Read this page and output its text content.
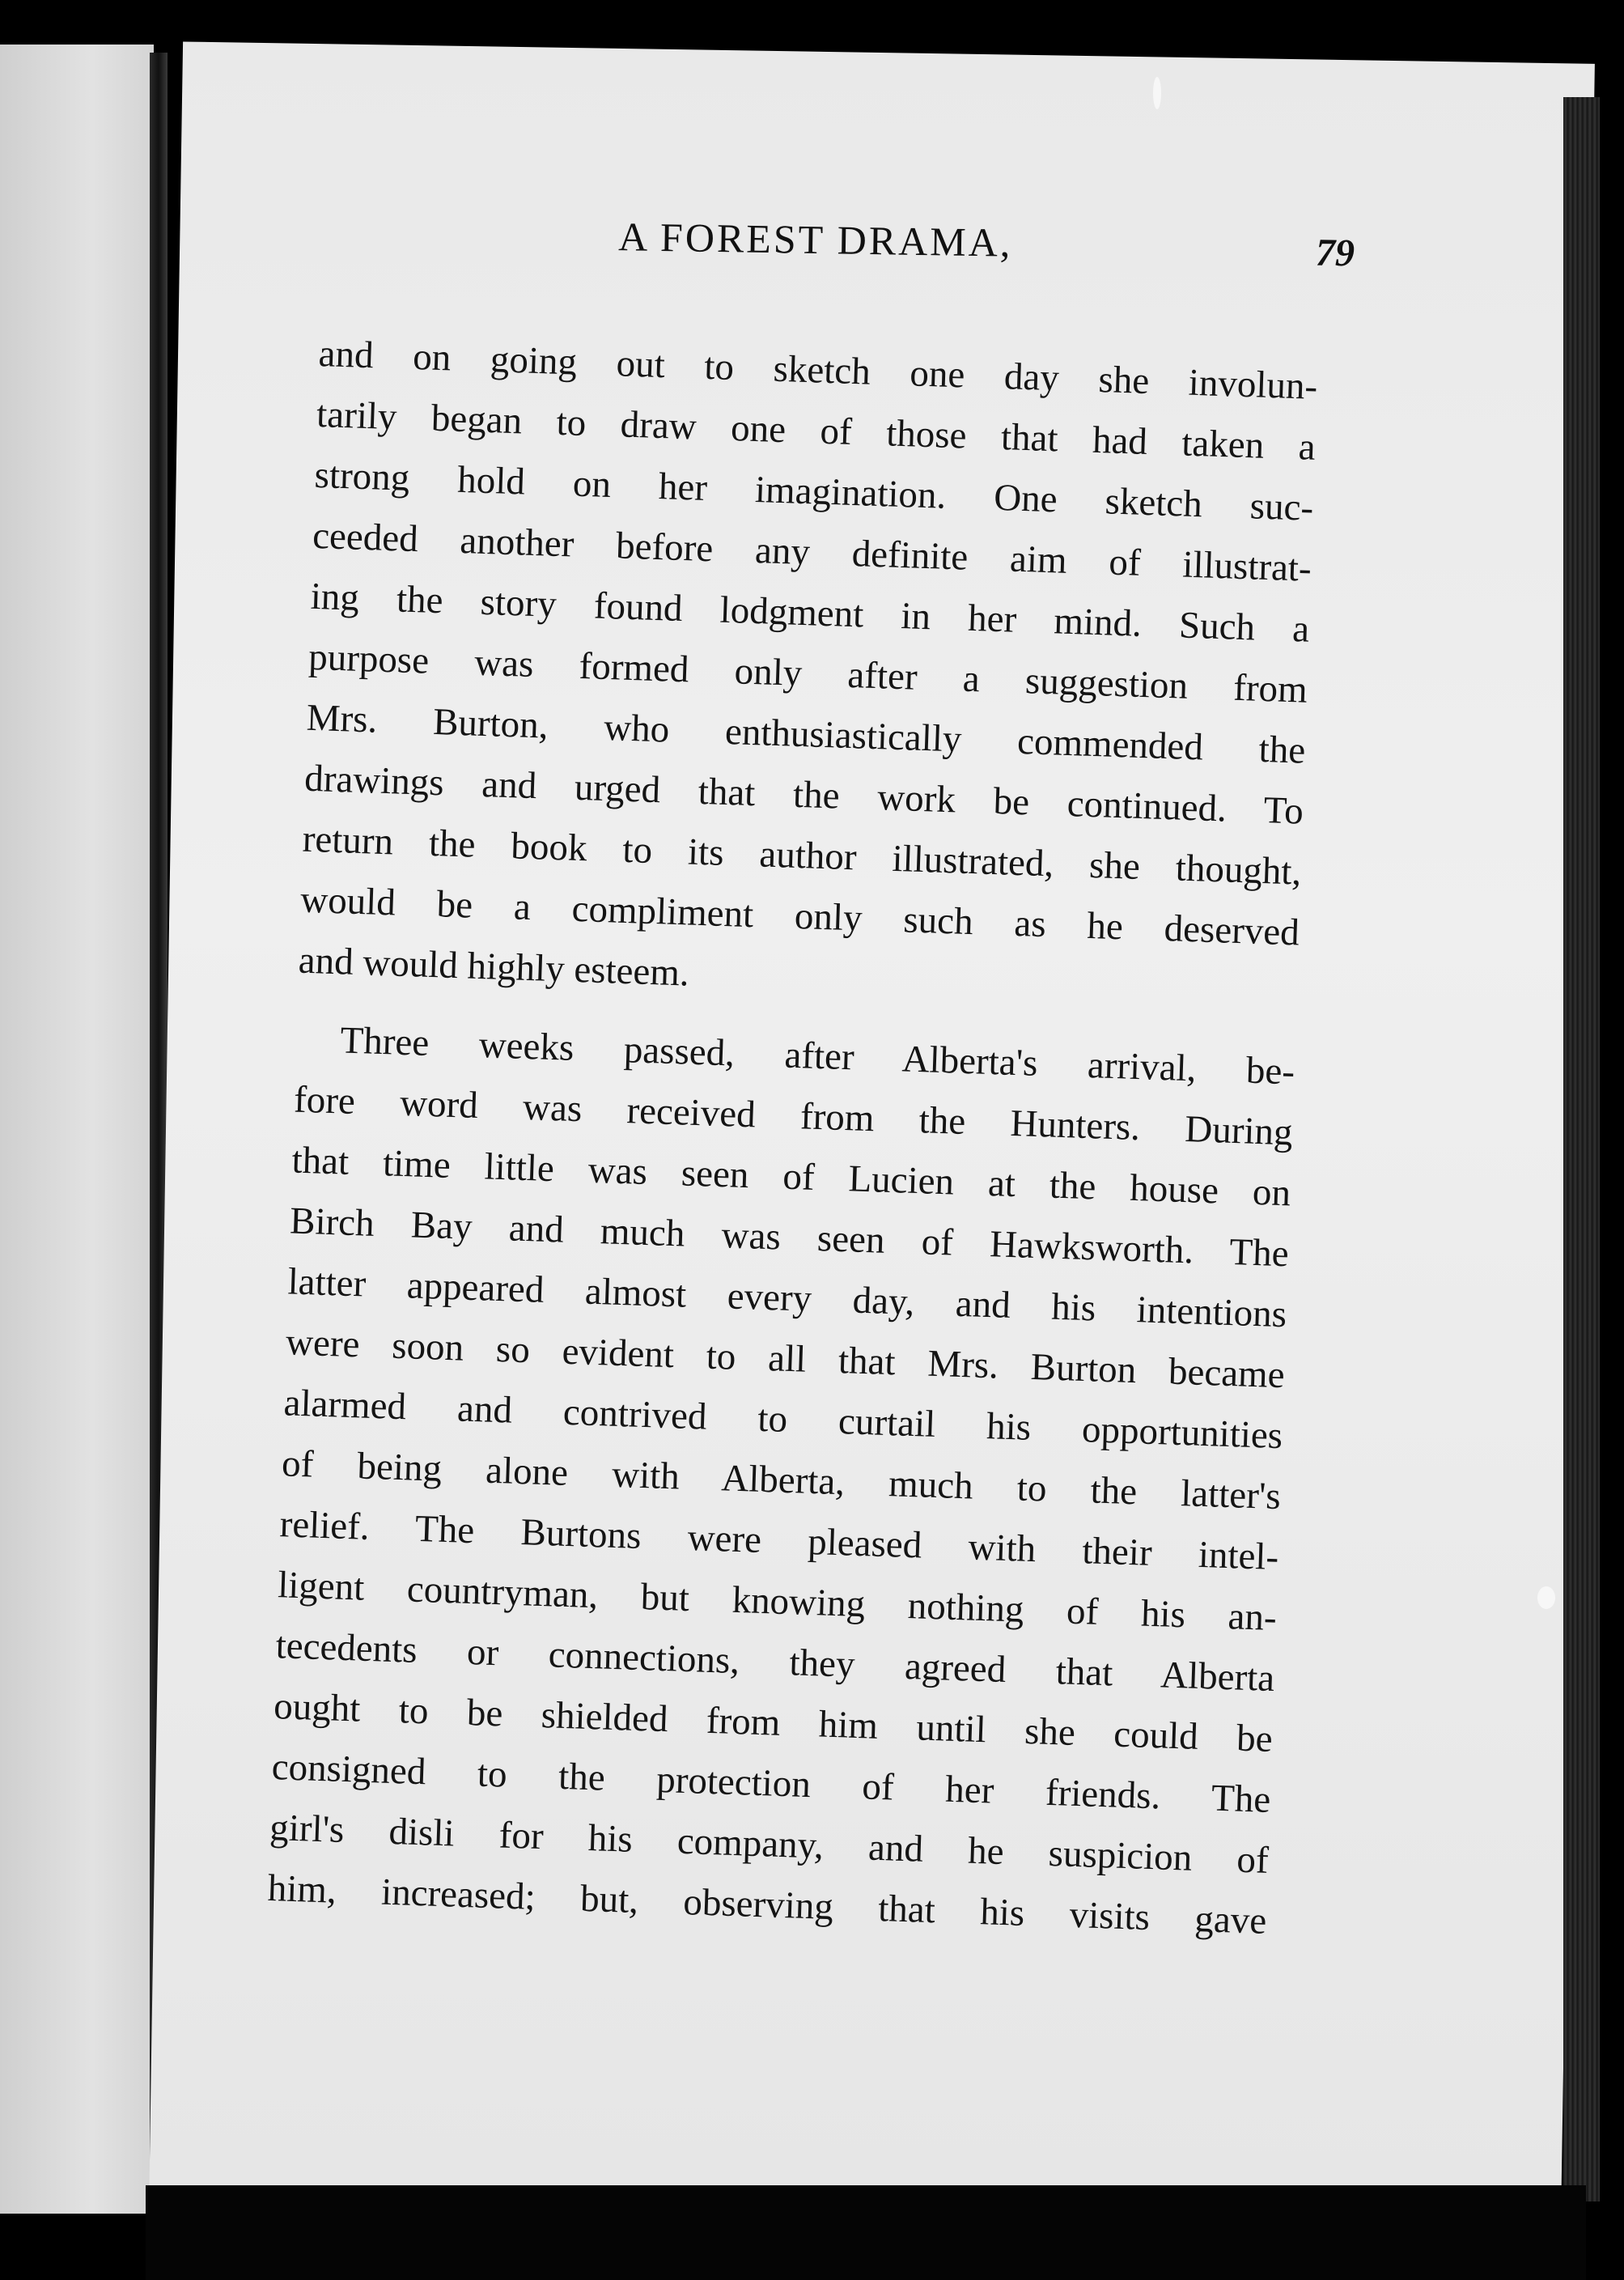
A FOREST DRAMA,	79
and on going out to sketch one day she involun-
tarily began to draw one of those that had taken a
strong hold on her imagination. One sketch suc-
ceeded another before any definite aim of illustrat-
ing the story found lodgment in her mind. Such a
purpose was formed only after a suggestion from
Mrs. Burton, who enthusiastically commended the
drawings and urged that the work be continued. To
return the book to its author illustrated, she thought,
would be a compliment only such as he deserved
and would highly esteem.
Three weeks passed, after Alberta's arrival, be-
fore word was received from the Hunters. During
that time little was seen of Lucien at the house on
Birch Bay and much was seen of Hawksworth. The
latter appeared almost every day, and his intentions
were soon so evident to all that Mrs. Burton became
alarmed and contrived to curtail his opportunities
of being alone with Alberta, much to the latter's
relief. The Burtons were pleased with their intel-
ligent countryman, but knowing nothing of his an-
tecedents or connections, they agreed that Alberta
ought to be shielded from him until she could be
consigned to the protection of her friends. The
girl's disli for his company, and he suspicion of
him, increased; but, observing that his visits gave
